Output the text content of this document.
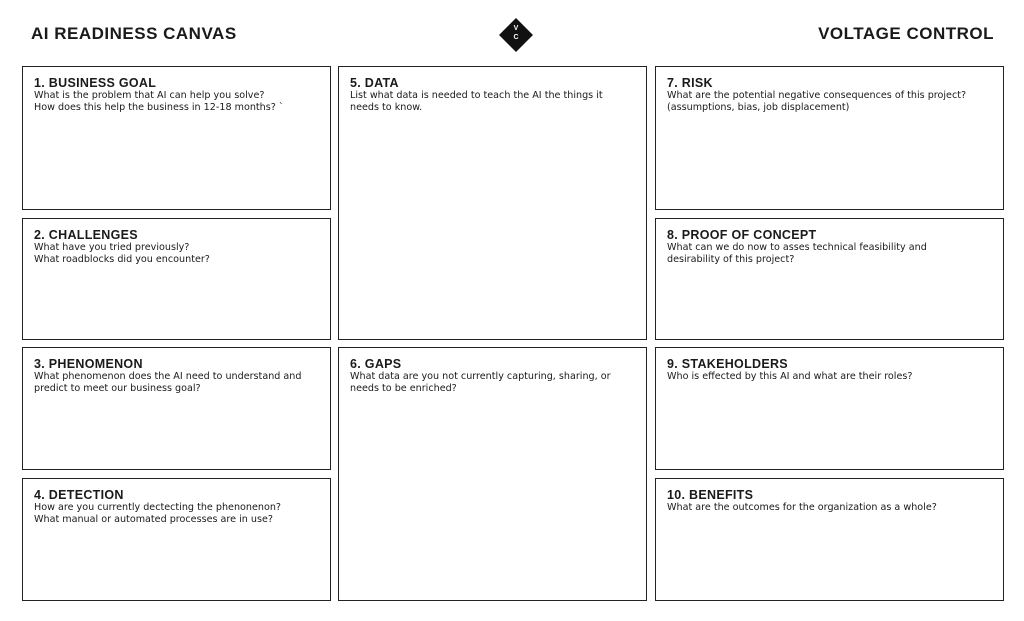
AI READINESS CANVAS	V
C	VOLTAGE CONTROL
1. BUSINESS GOAL
What is the problem that AI can help you solve?
How does this help the business in 12-18 months? `
2. CHALLENGES
What have you tried previously?
What roadblocks did you encounter?
3. PHENOMENON
What phenomenon does the AI need to understand and
predict to meet our business goal?
4. DETECTION
How are you currently dectecting the phenonenon?
What manual or automated processes are in use?
5. DATA
List what data is needed to teach the AI the things it
needs to know.
6. GAPS
What data are you not currently capturing, sharing, or
needs to be enriched?
7. RISK
What are the potential negative consequences of this project?
(assumptions, bias, job displacement)
8. PROOF OF CONCEPT
What can we do now to asses technical feasibility and
desirability of this project?
9. STAKEHOLDERS
Who is effected by this AI and what are their roles?
10. BENEFITS
What are the outcomes for the organization as a whole?
